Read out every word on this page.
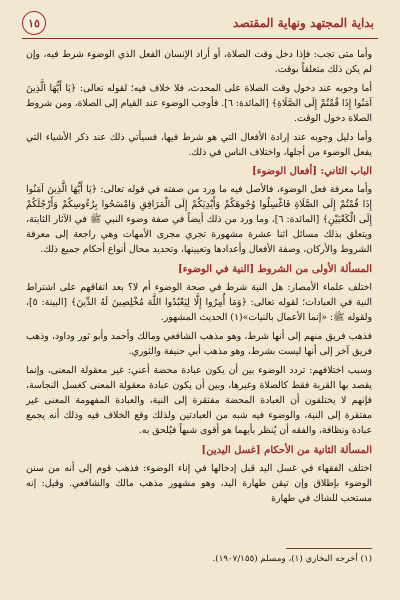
بداية المجتهد ونهاية المقتصد
١٥

وأما متى تجب: فإذا دخل وقت الصلاة، أو أراد الإنسان الفعل الذي الوضوء شرط فيه، وإن لم يكن ذلك متعلقاً بوقت.

أما وجوبه عند دخول وقت الصلاة على المحدث، فلا خلاف فيه؛ لقوله تعالى: ﴿يَا أَيُّهَا الَّذِينَ آمَنُوا إِذَا قُمْتُمْ إِلَى الصَّلَاةِ﴾ [المائدة: ٦]. فأوجب الوضوء عند القيام إلى الصلاة، ومن شروط الصلاة دخول الوقت.

وأما دليل وجوبه عند إرادة الأفعال التي هو شرط فيها، فسيأتي ذلك عند ذكر الأشياء التي يفعل الوضوء من أجلها، واختلاف الناس في ذلك.

الباب الثاني: [أفعال الوضوء]

وأما معرفة فعل الوضوء، فالأصل فيه ما ورد من صفته في قوله تعالى: ﴿يَا أَيُّهَا الَّذِينَ آمَنُوا إِذَا قُمْتُمْ إِلَى الصَّلَاةِ فَاغْسِلُوا وُجُوهَكُمْ وَأَيْدِيَكُمْ إِلَى الْمَرَافِقِ وَامْسَحُوا بِرُءُوسِكُمْ وَأَرْجُلَكُمْ إِلَى الْكَعْبَيْنِ﴾ [المائدة: ٦]، وما ورد من ذلك أيضاً في صفة وضوء النبي ﷺ في الآثار الثابتة، ويتعلق بذلك مسائل اثنا عشرة مشهورة تجري مجرى الأمهات وهي راجعة إلى معرفة الشروط والأركان، وصفة الأفعال وأعدادها وتعيينها، وتحديد محال أنواع أحكام جميع ذلك.

المسألة الأولى من الشروط [النية في الوضوء]

اختلف علماء الأمصار: هل النية شرط في صحة الوضوء أم لا؟ بعد اتفاقهم على اشتراط النية في العبادات؛ لقوله تعالى: ﴿وَمَا أُمِرُوا إِلَّا لِيَعْبُدُوا اللَّهَ مُخْلِصِينَ لَهُ الدِّينَ﴾ [البينة: ٥]، ولقوله ﷺ: «إنما الأعمال بالنيات»(١) الحديث المشهور.

فذهب فريق منهم إلى أنها شرط، وهو مذهب الشافعي ومالك وأحمد وأبو ثور وداود، وذهب فريق آخر إلى أنها ليست بشرط، وهو مذهب أبي حنيفة والثوري.

وسبب اختلافهم: تردد الوضوء بين أن يكون عبادة محضة أعني: غير معقولة المعنى، وإنما يقصد بها القربة فقط كالصلاة وغيرها، وبين أن يكون عبادة معقولة المعنى كغسل النجاسة، فإنهم لا يختلفون أن العبادة المحضة مفتقرة إلى النية، والعبادة المفهومة المعنى غير مفتقرة إلى النية، والوضوء فيه شبه من العبادتين ولذلك وقع الخلاف فيه وذلك أنه يجمع عبادة ونظافة، والفقه أن يُنظر بأيهما هو أقوى شبهاً فيُلحق به.

المسألة الثانية من الأحكام [غسل اليدين]

اختلف الفقهاء في غسل اليد قبل إدخالها في إناء الوضوء: فذهب قوم إلى أنه من سنن الوضوء بإطلاق وإن تيقن طهارة اليد، وهو مشهور مذهب مالك والشافعي. وقيل: إنه مستحب للشاك في طهارة

(١) أخرجه البخاري (١)، ومسلم (١٩٠٧/١٥٥).
